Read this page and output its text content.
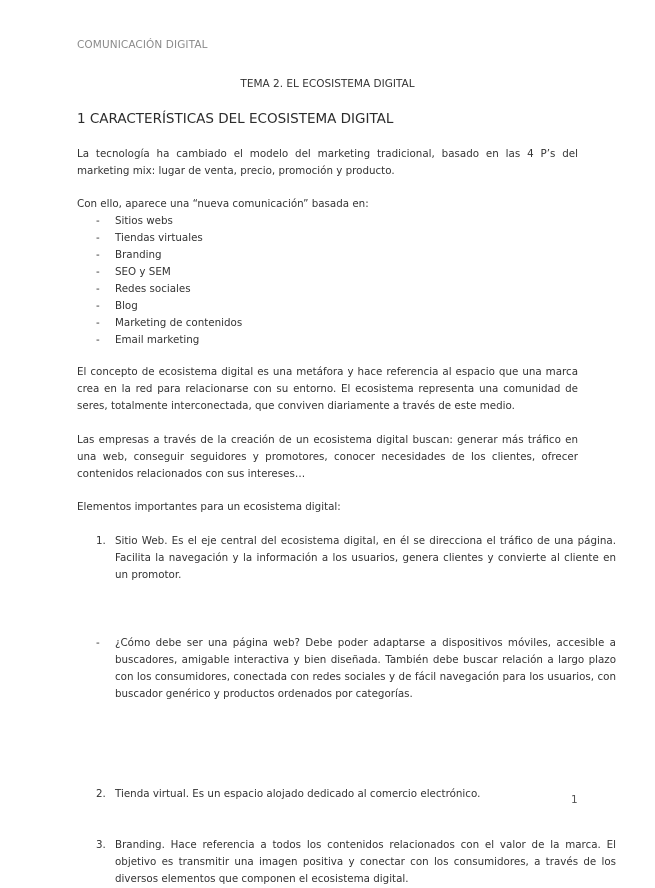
COMUNICACIÓN DIGITAL
TEMA 2. EL ECOSISTEMA DIGITAL
1 CARACTERÍSTICAS DEL ECOSISTEMA DIGITAL
La tecnología ha cambiado el modelo del marketing tradicional, basado en las 4 P’s del marketing mix: lugar de venta, precio, promoción y producto.
Con ello, aparece una “nueva comunicación” basada en:
- Sitios webs
- Tiendas virtuales
- Branding
- SEO y SEM
- Redes sociales
- Blog
- Marketing de contenidos
- Email marketing
El concepto de ecosistema digital es una metáfora y hace referencia al espacio que una marca crea en la red para relacionarse con su entorno. El ecosistema representa una comunidad de seres, totalmente interconectada, que conviven diariamente a través de este medio.
Las empresas a través de la creación de un ecosistema digital buscan: generar más tráfico en una web, conseguir seguidores y promotores, conocer necesidades de los clientes, ofrecer contenidos relacionados con sus intereses…
Elementos importantes para un ecosistema digital:
1. Sitio Web. Es el eje central del ecosistema digital, en él se direcciona el tráfico de una página. Facilita la navegación y la información a los usuarios, genera clientes y convierte al cliente en un promotor.
- ¿Cómo debe ser una página web? Debe poder adaptarse a dispositivos móviles, accesible a buscadores, amigable interactiva y bien diseñada. También debe buscar relación a largo plazo con los consumidores, conectada con redes sociales y de fácil navegación para los usuarios, con buscador genérico y productos ordenados por categorías.
2. Tienda virtual. Es un espacio alojado dedicado al comercio electrónico.
3. Branding. Hace referencia a todos los contenidos relacionados con el valor de la marca. El objetivo es transmitir una imagen positiva y conectar con los consumidores, a través de los diversos elementos que componen el ecosistema digital.
1
